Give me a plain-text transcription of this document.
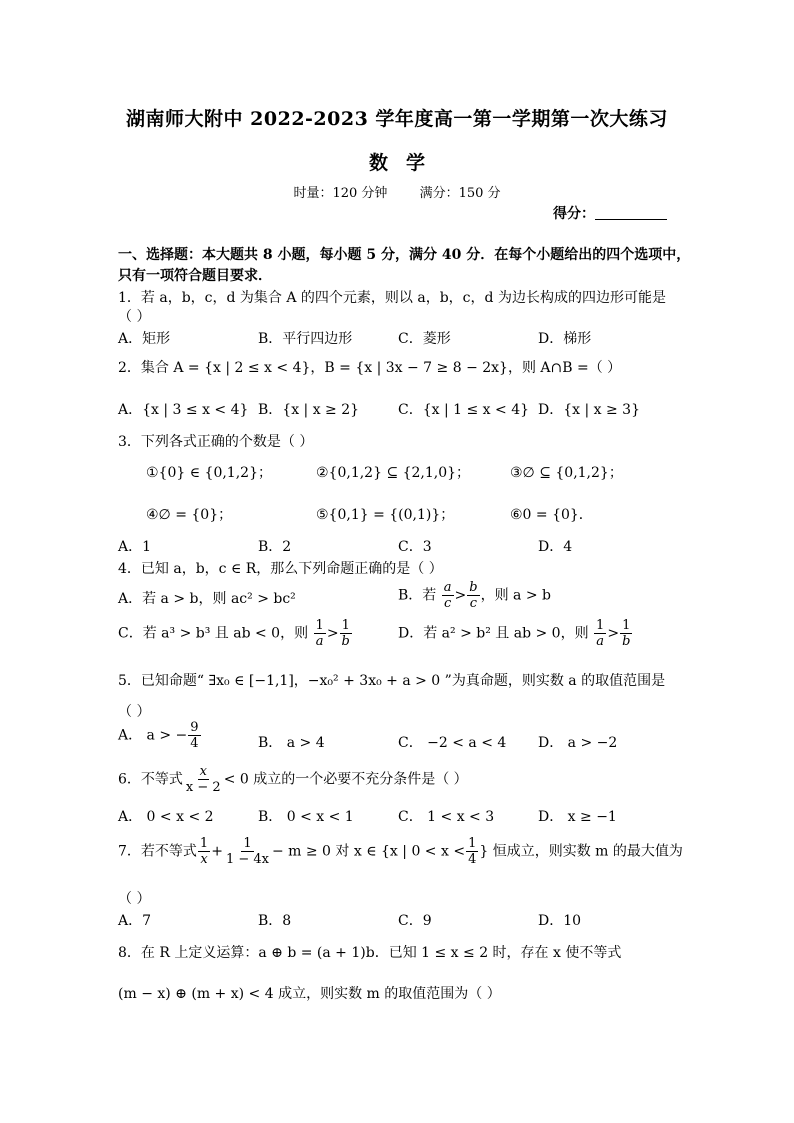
湖南师大附中 2022-2023 学年度高一第一学期第一次大练习
数学
时量：120 分钟 满分：150 分
得分：
一、选择题：本大题共 8 小题，每小题 5 分，满分 40 分．在每个小题给出的四个选项中，
只有一项符合题目要求．
1．若 a，b，c，d 为集合 A 的四个元素，则以 a，b，c，d 为边长构成的四边形可能是
（ ）
A．矩形	B．平行四边形	C．菱形	D．梯形
2．集合 A = {x | 2 ≤ x < 4}，B = {x | 3x − 7 ≥ 8 − 2x}，则 A∩B =（ ）
A．{x | 3 ≤ x < 4} B．{x | x ≥ 2}	C．{x | 1 ≤ x < 4} D．{x | x ≥ 3}
3．下列各式正确的个数是（ ）
①{0} ∈ {0,1,2}；	②{0,1,2} ⊆ {2,1,0}；	③∅ ⊆ {0,1,2}；
④∅ = {0}；	⑤{0,1} = {(0,1)}；	⑥0 = {0}．
A．1	B．2	C．3	D．4
4．已知 a，b，c ∈ R，那么下列命题正确的是（ ）
A．若 a > b，则 ac² > bc²	B．若 $\frac{a}{c} > \frac{b}{c}$ ，则 a > b
C．若 a³ > b³ 且 ab < 0，则 $\frac{1}{a} > \frac{1}{b}$	D．若 a² > b² 且 ab > 0，则 $\frac{1}{a} > \frac{1}{b}$
5．已知命题“ ∃x₀ ∈ [−1,1]，−x₀² + 3x₀ + a > 0 ”为真命题，则实数 a 的取值范围是
（ ）
A． a > − $\frac{9}{4}$	B． a > 4	C． −2 < a < 4 D． a > −2
6．不等式 $\frac{x}{x - 2} < 0$ 成立的一个必要不充分条件是（ ）
A． 0 < x < 2	B． 0 < x < 1	C． 1 < x < 3	D． x ≥ −1
7．若不等式 $\frac{1}{x} + \frac{1}{1 - 4x} - m \ge 0$ 对 x ∈ {x | $0 < x < \frac{1}{4}$ } 恒成立，则实数 m 的最大值为
（ ）
A．7	B．8	C．9	D．10
8．在 R 上定义运算：a ⊕ b = (a + 1)b．已知 1 ≤ x ≤ 2 时，存在 x 使不等式
(m − x) ⊕ (m + x) < 4 成立，则实数 m 的取值范围为（ ）
